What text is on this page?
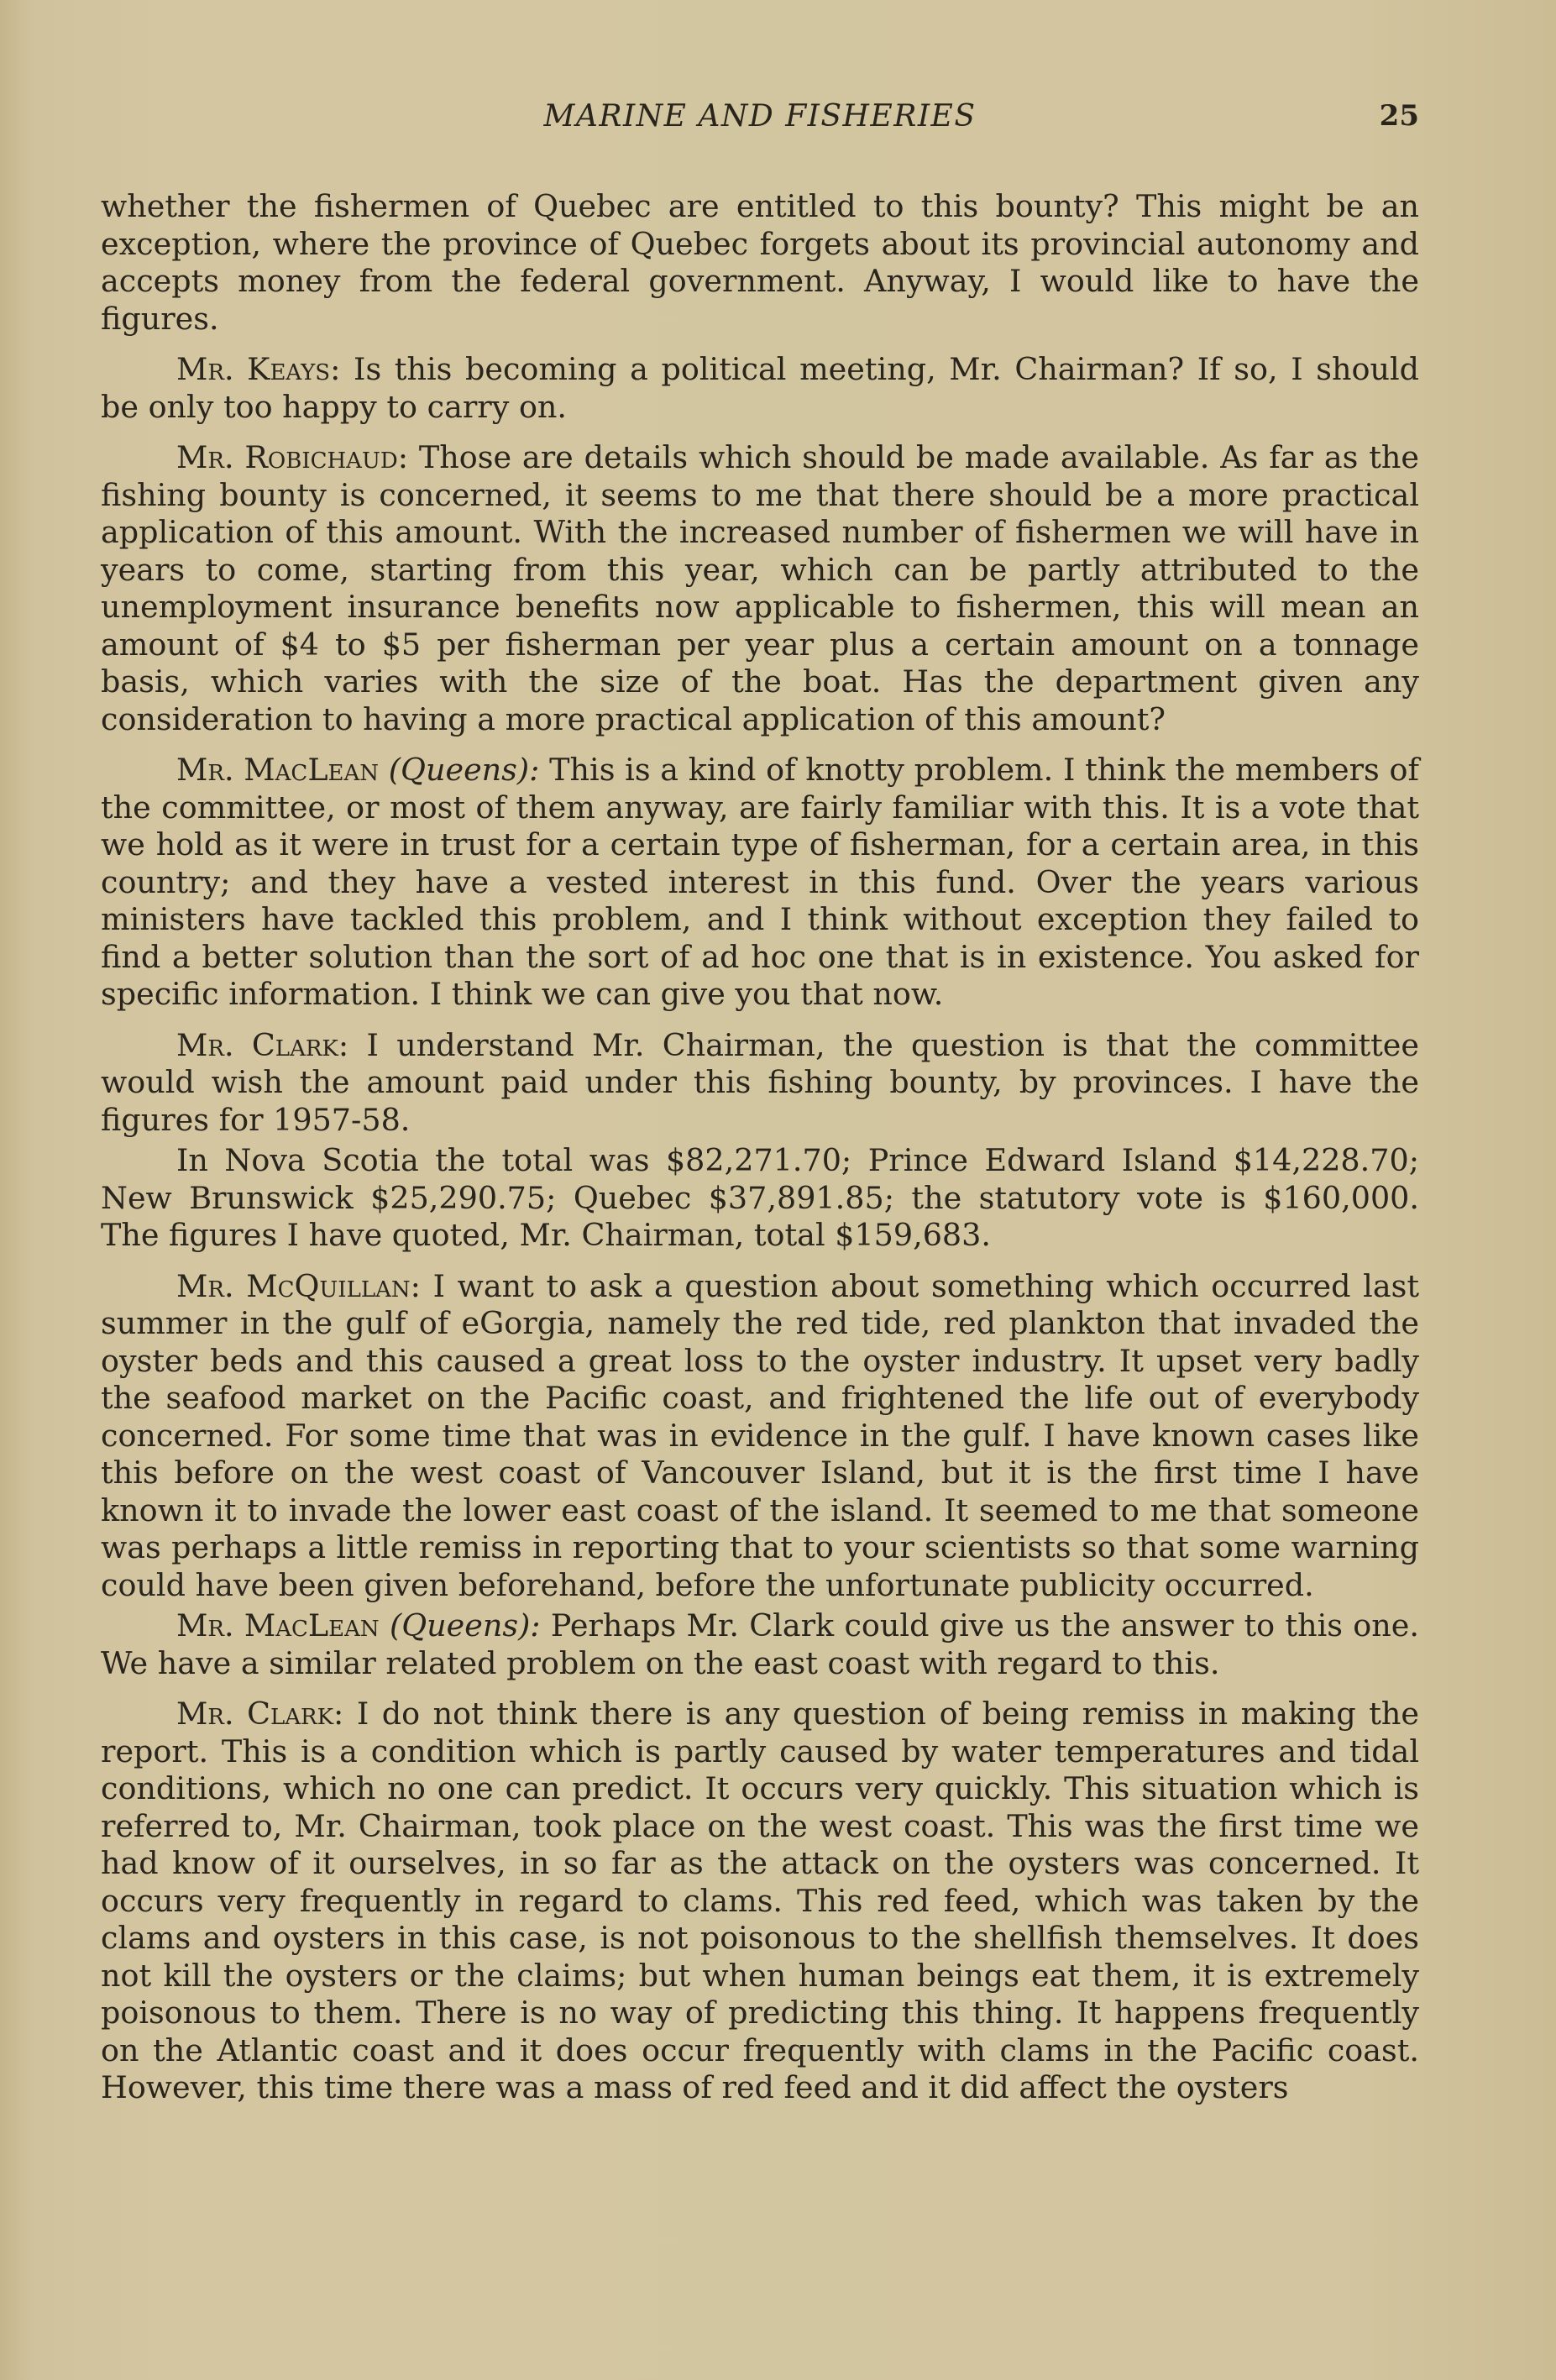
MARINE AND FISHERIES	25

whether the fishermen of Quebec are entitled to this bounty? This might be an exception, where the province of Quebec forgets about its provincial autonomy and accepts money from the federal government. Anyway, I would like to have the figures.

Mr. Keays: Is this becoming a political meeting, Mr. Chairman? If so, I should be only too happy to carry on.

Mr. Robichaud: Those are details which should be made available. As far as the fishing bounty is concerned, it seems to me that there should be a more practical application of this amount. With the increased number of fishermen we will have in years to come, starting from this year, which can be partly attributed to the unemployment insurance benefits now applicable to fishermen, this will mean an amount of $4 to $5 per fisherman per year plus a certain amount on a tonnage basis, which varies with the size of the boat. Has the department given any consideration to having a more practical application of this amount?

Mr. MacLean (Queens): This is a kind of knotty problem. I think the members of the committee, or most of them anyway, are fairly familiar with this. It is a vote that we hold as it were in trust for a certain type of fisherman, for a certain area, in this country; and they have a vested interest in this fund. Over the years various ministers have tackled this problem, and I think without exception they failed to find a better solution than the sort of ad hoc one that is in existence. You asked for specific information. I think we can give you that now.

Mr. Clark: I understand Mr. Chairman, the question is that the committee would wish the amount paid under this fishing bounty, by provinces. I have the figures for 1957-58.

In Nova Scotia the total was $82,271.70; Prince Edward Island $14,228.70; New Brunswick $25,290.75; Quebec $37,891.85; the statutory vote is $160,000. The figures I have quoted, Mr. Chairman, total $159,683.

Mr. McQuillan: I want to ask a question about something which occurred last summer in the gulf of eGorgia, namely the red tide, red plankton that invaded the oyster beds and this caused a great loss to the oyster industry. It upset very badly the seafood market on the Pacific coast, and frightened the life out of everybody concerned. For some time that was in evidence in the gulf. I have known cases like this before on the west coast of Vancouver Island, but it is the first time I have known it to invade the lower east coast of the island. It seemed to me that someone was perhaps a little remiss in reporting that to your scientists so that some warning could have been given beforehand, before the unfortunate publicity occurred.

Mr. MacLean (Queens): Perhaps Mr. Clark could give us the answer to this one. We have a similar related problem on the east coast with regard to this.

Mr. Clark: I do not think there is any question of being remiss in making the report. This is a condition which is partly caused by water temperatures and tidal conditions, which no one can predict. It occurs very quickly. This situation which is referred to, Mr. Chairman, took place on the west coast. This was the first time we had know of it ourselves, in so far as the attack on the oysters was concerned. It occurs very frequently in regard to clams. This red feed, which was taken by the clams and oysters in this case, is not poisonous to the shellfish themselves. It does not kill the oysters or the claims; but when human beings eat them, it is extremely poisonous to them. There is no way of predicting this thing. It happens frequently on the Atlantic coast and it does occur frequently with clams in the Pacific coast. However, this time there was a mass of red feed and it did affect the oysters
